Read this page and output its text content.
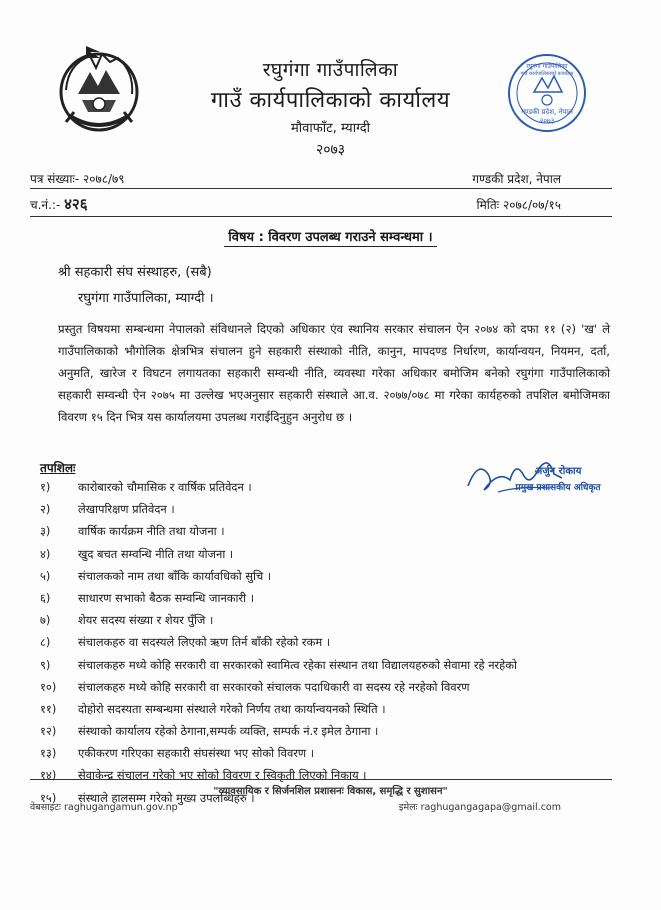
रघुगंगा गाउँपालिका
गाउँ कार्यपालिकाको कार्यालय
मौवाफाँट, म्याग्दी
२०७३
गण्डकी प्रदेश, नेपाल
२०७३
रघुगंगा गाउँपालिका
गाउँ कार्यपालिकाको कार्यालय
पत्र संख्याः- २०७८/७९
च.नं.:- ४२६
गण्डकी प्रदेश, नेपाल
मितिः २०७८/०७/१५
विषय : विवरण उपलब्ध गराउने सम्वन्धमा ।
श्री सहकारी संघ संस्थाहरु, (सबै)
रघुगंगा गाउँपालिका, म्याग्दी ।

प्रस्तुत विषयमा सम्बन्धमा नेपालको संविधानले दिएको अधिकार एंव स्थानिय सरकार संचालन ऐन २०७४ को दफा ११ (२) 'ख' ले गाउँपालिकाको भौगोलिक क्षेत्रभित्र संचालन हुने सहकारी संस्थाको नीति, कानुन, मापदण्ड निर्धारण, कार्यान्वयन, नियमन, दर्ता, अनुमति, खारेज र विघटन लगायतका सहकारी सम्वन्धी नीति, व्यवस्था गरेका अधिकार बमोजिम बनेको रघुगंगा गाउँपालिकाको सहकारी सम्वन्धी ऐन २०७५ मा उल्लेख भएअनुसार सहकारी संस्थाले आ.व. २०७७/०७८ मा गरेका कार्यहरुको तपशिल बमोजिमका विवरण १५ दिन भित्र यस कार्यालयमा उपलब्ध गराईदिनुहुन अनुरोध छ ।

तपशिलः
१) कारोबारको चौमासिक र वार्षिक प्रतिवेदन ।
२) लेखापरिक्षण प्रतिवेदन ।
३) वार्षिक कार्यक्रम नीति तथा योजना ।
४) खुद बचत सम्वन्धि नीति तथा योजना ।
५) संचालकको नाम तथा बाँकि कार्यावधिको सुचि ।
६) साधारण सभाको बैठक सम्वन्धि जानकारी ।
७) शेयर सदस्य संख्या र शेयर पुँजि ।
८) संचालकहरु वा सदस्यले लिएको ऋण तिर्न बाँकी रहेको रकम ।
९) संचालकहरु मध्ये कोहि सरकारी वा सरकारको स्वामित्व रहेका संस्थान तथा विद्यालयहरुको सेवामा रहे नरहेको
१०) संचालकहरु मध्ये कोहि सरकारी वा सरकारको संचालक पदाधिकारी वा सदस्य रहे नरहेको विवरण
११) दोहोरो सदस्यता सम्बन्धमा संस्थाले गरेको निर्णय तथा कार्यान्वयनको स्थिति ।
१२) संस्थाको कार्यालय रहेको ठेगाना,सम्पर्क व्यक्ति, सम्पर्क नं.र इमेल ठेगाना ।
१३) एकीकरण गरिएका सहकारी संघसंस्था भए सोको विवरण ।
१४) सेवाकेन्द्र संचालन गरेको भए सोको विवरण र स्विकृती लिएको निकाय ।
१५) संस्थाले हालसम्म गरेको मुख्य उपलब्धिहरु ।
अर्जुन रोकाय
प्रमुख प्रशासकीय अधिकृत
"व्यावसायिक र सिर्जनशिल प्रशासनः विकास, समृद्धि र सुशासन"
वेबसाइटः raghugangamun.gov.np	इमेलः raghugangagapa@gmail.com
